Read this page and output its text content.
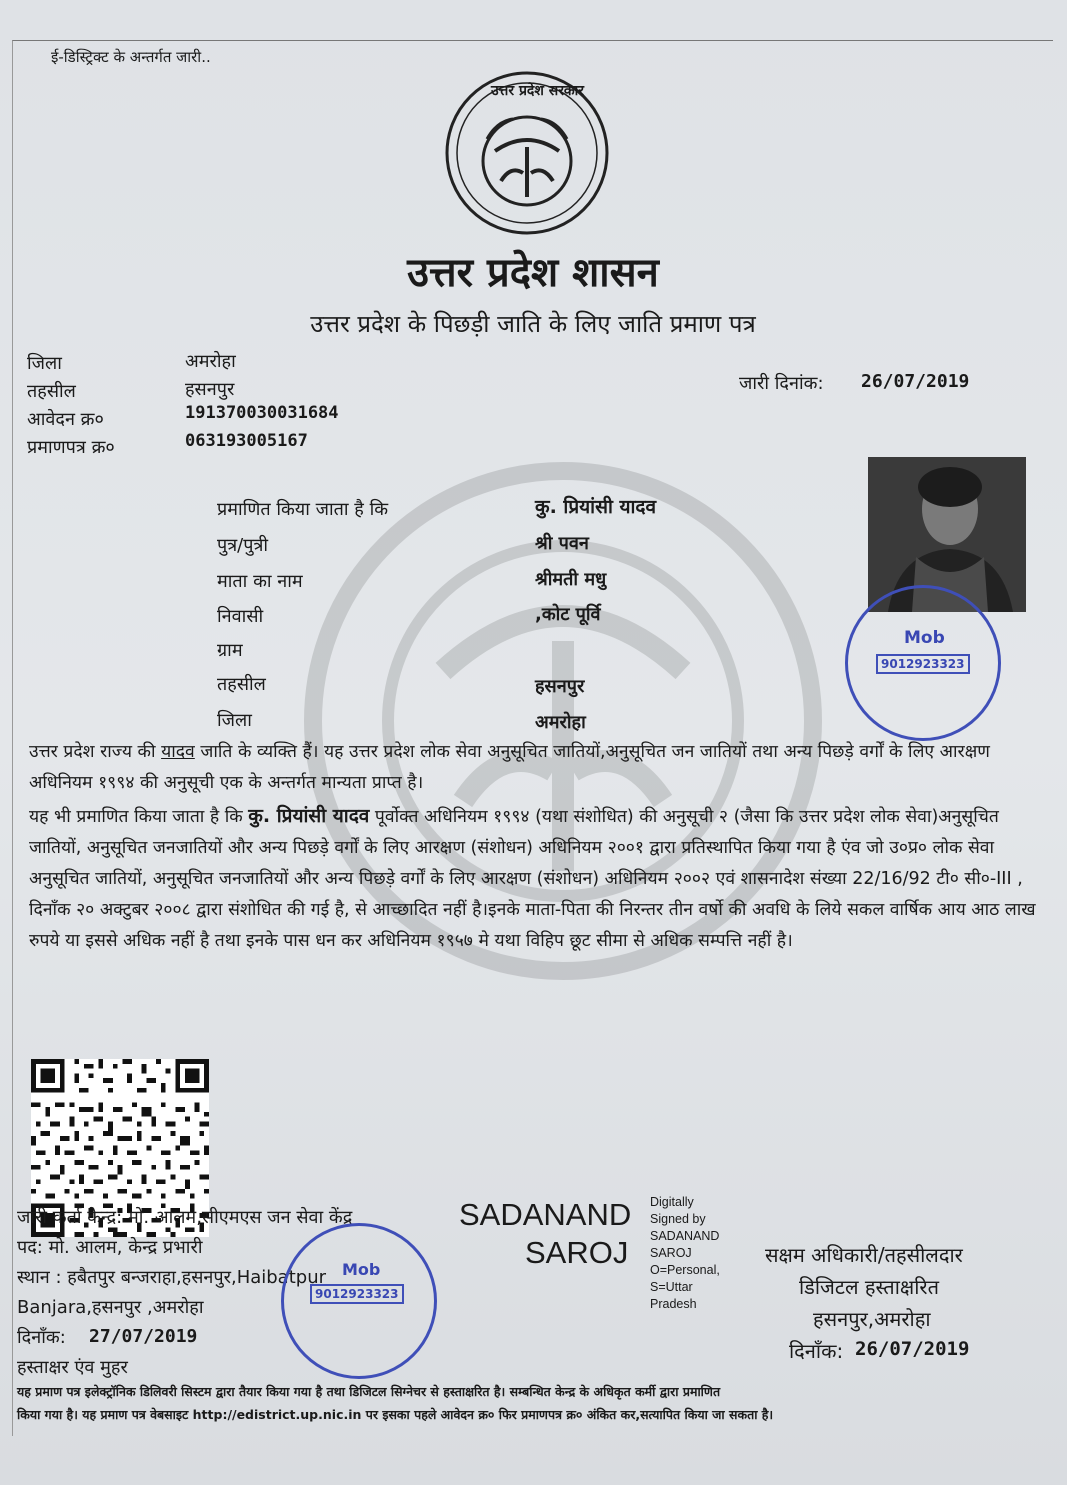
ई-डिस्ट्रिक्ट के अन्तर्गत जारी..
उत्तर प्रदेश सरकार
उत्तर प्रदेश शासन
उत्तर प्रदेश के पिछड़ी जाति के लिए जाति प्रमाण पत्र
जिला	अमरोहा
तहसील	हसनपुर
आवेदन क्र०	191370030031684
प्रमाणपत्र क्र०	063193005167
जारी दिनांक: 26/07/2019
प्रमाणित किया जाता है कि	कु. प्रियांसी यादव
पुत्र/पुत्री	श्री पवन
माता का नाम	श्रीमती मधु
निवासी	,कोट पूर्वि
ग्राम
तहसील	हसनपुर
जिला	अमरोहा
Mob
9012923323
उत्तर प्रदेश राज्य की यादव जाति के व्यक्ति हैं। यह उत्तर प्रदेश लोक सेवा अनुसूचित जातियों,अनुसूचित जन जातियों तथा अन्य पिछड़े वर्गों के लिए आरक्षण अधिनियम १९९४ की अनुसूची एक के अन्तर्गत मान्यता प्राप्त है।
यह भी प्रमाणित किया जाता है कि कु. प्रियांसी यादव पूर्वोक्त अधिनियम १९९४ (यथा संशोधित) की अनुसूची २ (जैसा कि उत्तर प्रदेश लोक सेवा)अनुसूचित जातियों, अनुसूचित जनजातियों और अन्य पिछड़े वर्गों के लिए आरक्षण (संशोधन) अधिनियम २००१ द्वारा प्रतिस्थापित किया गया है एंव जो उ०प्र० लोक सेवा अनुसूचित जातियों, अनुसूचित जनजातियों और अन्य पिछड़े वर्गों के लिए आरक्षण (संशोधन) अधिनियम २००२ एवं शासनादेश संख्या 22/16/92 टी० सी०-III , दिनाँक २० अक्टुबर २००८ द्वारा संशोधित की गई है, से आच्छादित नहीं है।इनके माता-पिता की निरन्तर तीन वर्षो की अवधि के लिये सकल वार्षिक आय आठ लाख रुपये या इससे अधिक नहीं है तथा इनके पास धन कर अधिनियम १९५७ मे यथा विहिप छूट सीमा से अधिक सम्पत्ति नहीं है।
जारी कर्ता केन्द्र: मो. आलम,सीएमएस जन सेवा केंद्र
पद: मो. आलम, केन्द्र प्रभारी
स्थान : हबैतपुर बन्जराहा,हसनपुर,Haibatpur
Banjara,हसनपुर ,अमरोहा
दिनाँक: 27/07/2019
हस्ताक्षर एंव मुहर
Mob
9012923323
SADANAND
SAROJ
Digitally
Signed by
SADANAND
SAROJ
O=Personal,
S=Uttar
Pradesh
सक्षम अधिकारी/तहसीलदार
डिजिटल हस्ताक्षरित
हसनपुर,अमरोहा
दिनाँक: 26/07/2019
यह प्रमाण पत्र इलेक्ट्रॉनिक डिलिवरी सिस्टम द्वारा तैयार किया गया है तथा डिजिटल सिग्नेचर से हस्ताक्षरित है। सम्बन्धित केन्द्र के अधिकृत कर्मी द्वारा प्रमाणित
किया गया है। यह प्रमाण पत्र वेबसाइट http://edistrict.up.nic.in पर इसका पहले आवेदन क्र० फिर प्रमाणपत्र क्र० अंकित कर,सत्यापित किया जा सकता है।
